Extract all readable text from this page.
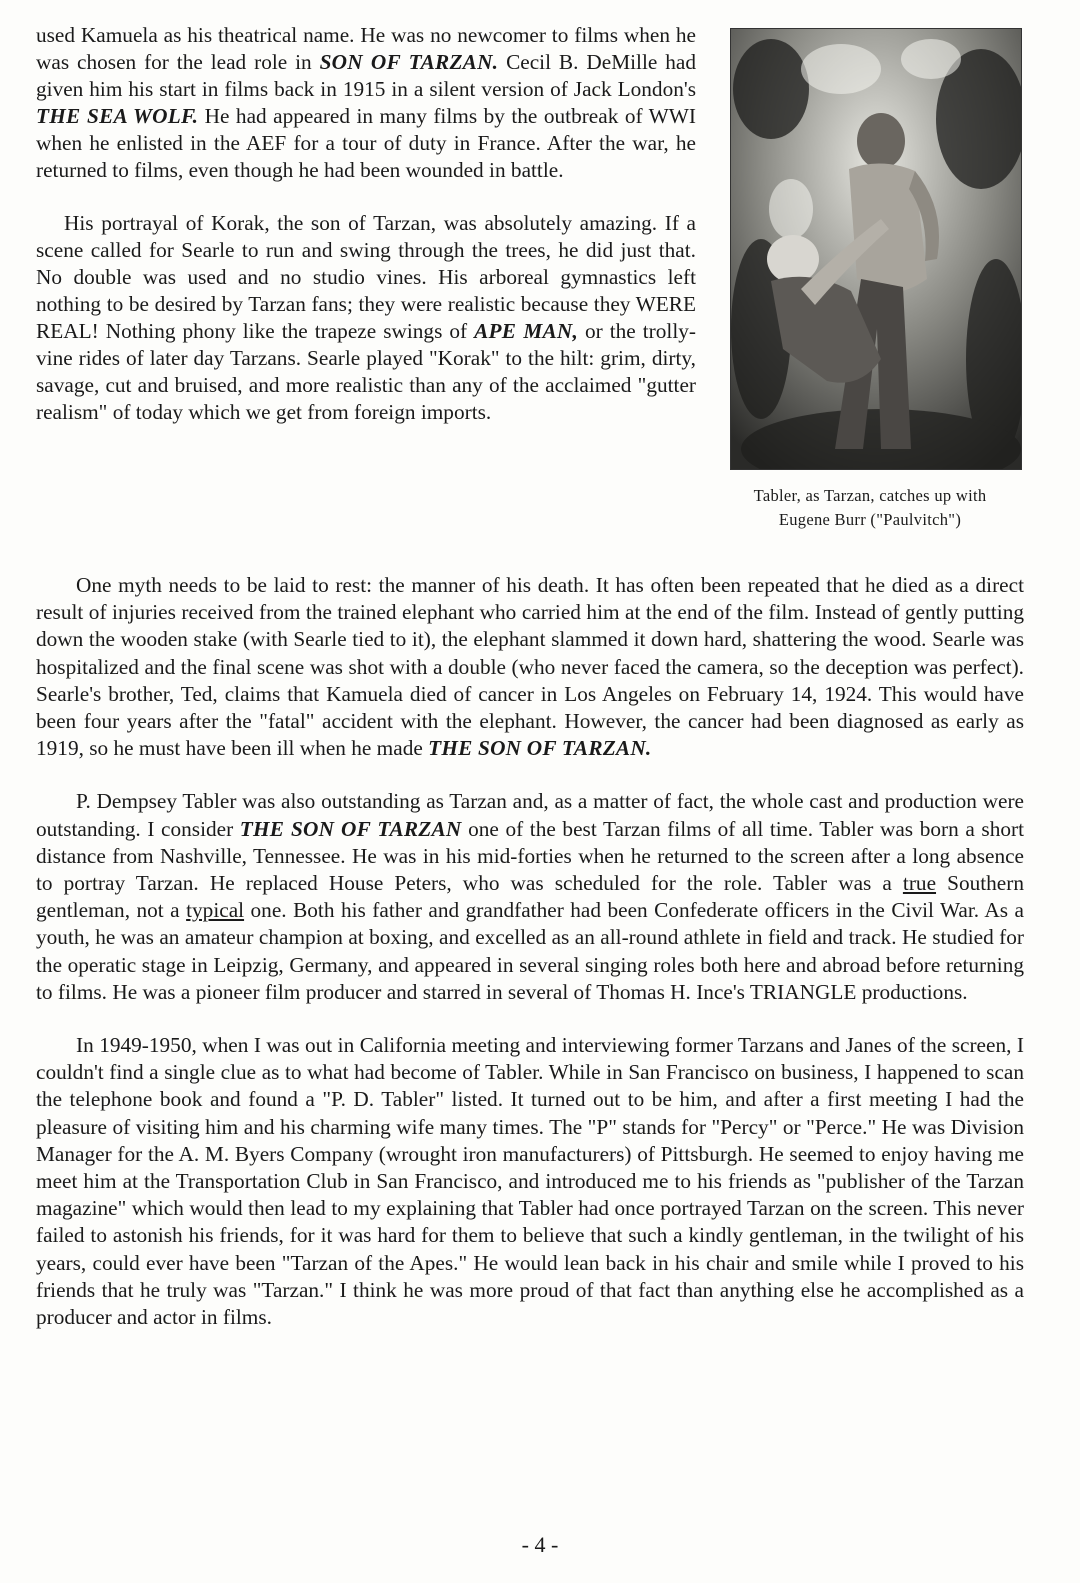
used Kamuela as his theatrical name. He was no newcomer to films when he was chosen for the lead role in SON OF TARZAN. Cecil B. DeMille had given him his start in films back in 1915 in a silent version of Jack London's THE SEA WOLF. He had appeared in many films by the outbreak of WWI when he enlisted in the AEF for a tour of duty in France. After the war, he returned to films, even though he had been wounded in battle.

His portrayal of Korak, the son of Tarzan, was absolutely amazing. If a scene called for Searle to run and swing through the trees, he did just that. No double was used and no studio vines. His arboreal gymnastics left nothing to be desired by Tarzan fans; they were realistic because they WERE REAL! Nothing phony like the trapeze swings of APE MAN, or the trolly-vine rides of later day Tarzans. Searle played "Korak" to the hilt: grim, dirty, savage, cut and bruised, and more realistic than any of the acclaimed "gutter realism" of today which we get from foreign imports.

Tabler, as Tarzan, catches up with
Eugene Burr ("Paulvitch")

One myth needs to be laid to rest: the manner of his death. It has often been repeated that he died as a direct result of injuries received from the trained elephant who carried him at the end of the film. Instead of gently putting down the wooden stake (with Searle tied to it), the elephant slammed it down hard, shattering the wood. Searle was hospitalized and the final scene was shot with a double (who never faced the camera, so the deception was perfect). Searle's brother, Ted, claims that Kamuela died of cancer in Los Angeles on February 14, 1924. This would have been four years after the "fatal" accident with the elephant. However, the cancer had been diagnosed as early as 1919, so he must have been ill when he made THE SON OF TARZAN.

P. Dempsey Tabler was also outstanding as Tarzan and, as a matter of fact, the whole cast and production were outstanding. I consider THE SON OF TARZAN one of the best Tarzan films of all time. Tabler was born a short distance from Nashville, Tennessee. He was in his mid-forties when he returned to the screen after a long absence to portray Tarzan. He replaced House Peters, who was scheduled for the role. Tabler was a true Southern gentleman, not a typical one. Both his father and grandfather had been Confederate officers in the Civil War. As a youth, he was an amateur champion at boxing, and excelled as an all-round athlete in field and track. He studied for the operatic stage in Leipzig, Germany, and appeared in several singing roles both here and abroad before returning to films. He was a pioneer film producer and starred in several of Thomas H. Ince's TRIANGLE productions.

In 1949-1950, when I was out in California meeting and interviewing former Tarzans and Janes of the screen, I couldn't find a single clue as to what had become of Tabler. While in San Francisco on business, I happened to scan the telephone book and found a "P. D. Tabler" listed. It turned out to be him, and after a first meeting I had the pleasure of visiting him and his charming wife many times. The "P" stands for "Percy" or "Perce." He was Division Manager for the A. M. Byers Company (wrought iron manufacturers) of Pittsburgh. He seemed to enjoy having me meet him at the Transportation Club in San Francisco, and introduced me to his friends as "publisher of the Tarzan magazine" which would then lead to my explaining that Tabler had once portrayed Tarzan on the screen. This never failed to astonish his friends, for it was hard for them to believe that such a kindly gentleman, in the twilight of his years, could ever have been "Tarzan of the Apes." He would lean back in his chair and smile while I proved to his friends that he truly was "Tarzan." I think he was more proud of that fact than anything else he accomplished as a producer and actor in films.

- 4 -
